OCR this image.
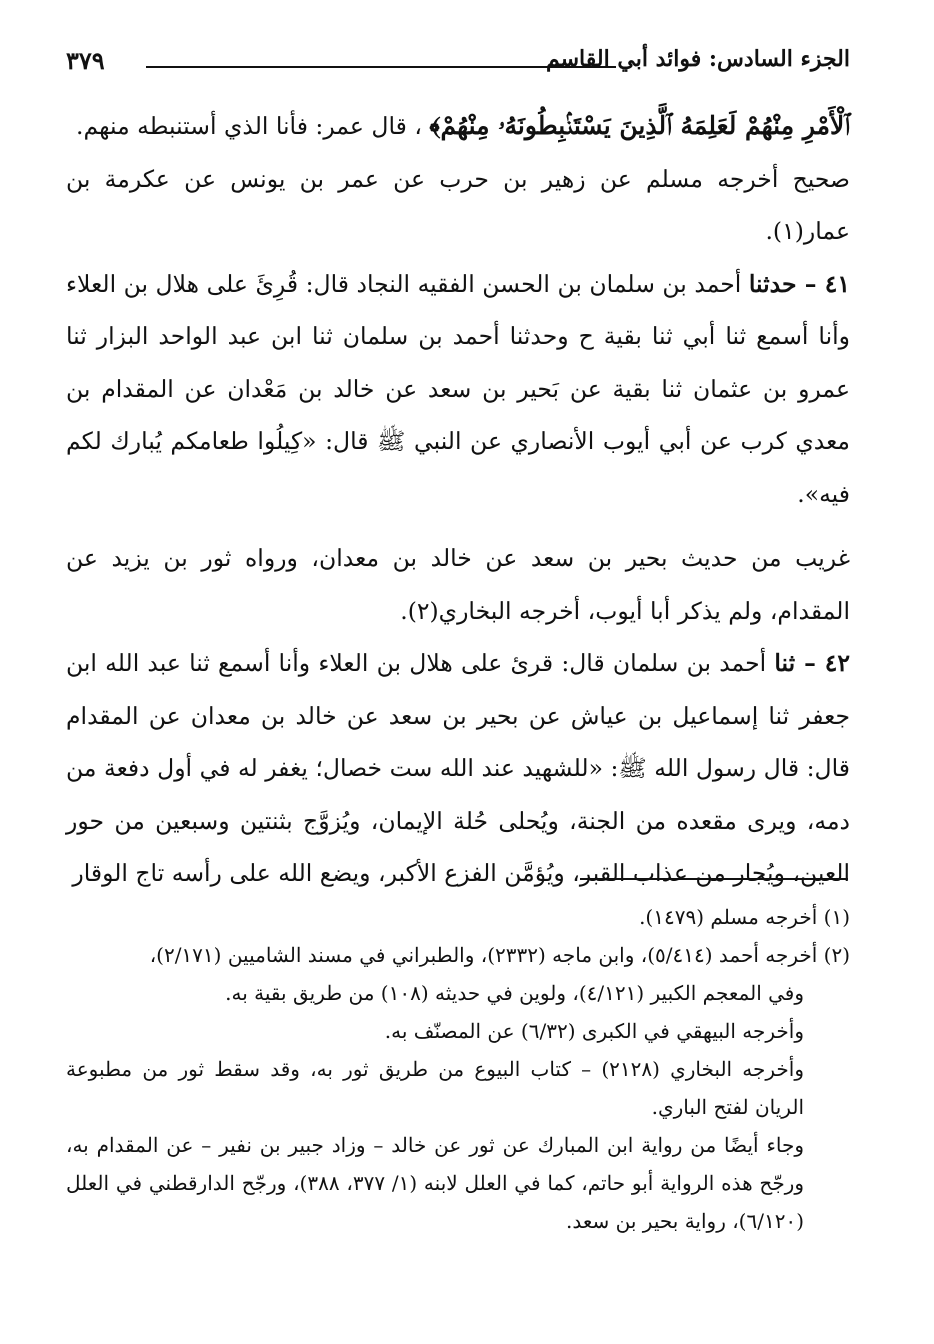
٣٧٩	الجزء السادس: فوائد أبي القاسم

ٱلْأَمْرِ مِنْهُمْ لَعَلِمَهُ ٱلَّذِينَ يَسْتَنۢبِطُونَهُۥ مِنْهُمْ﴾ ، قال عمر: فأنا الذي أستنبطه منهم.

صحيح أخرجه مسلم عن زهير بن حرب عن عمر بن يونس عن عكرمة بن عمار(١).

٤١ – حدثنا أحمد بن سلمان بن الحسن الفقيه النجاد قال: قُرِئَ على هلال بن العلاء وأنا أسمع ثنا أبي ثنا بقية ح وحدثنا أحمد بن سلمان ثنا ابن عبد الواحد البزار ثنا عمرو بن عثمان ثنا بقية عن بَحير بن سعد عن خالد بن مَعْدان عن المقدام بن معدي كرب عن أبي أيوب الأنصاري عن النبي ﷺ قال: «كِيلُوا طعامكم يُبارك لكم فيه».

غريب من حديث بحير بن سعد عن خالد بن معدان، ورواه ثور بن يزيد عن المقدام، ولم يذكر أبا أيوب، أخرجه البخاري(٢).

٤٢ – ثنا أحمد بن سلمان قال: قرئ على هلال بن العلاء وأنا أسمع ثنا عبد الله ابن جعفر ثنا إسماعيل بن عياش عن بحير بن سعد عن خالد بن معدان عن المقدام قال: قال رسول الله ﷺ: «للشهيد عند الله ست خصال؛ يغفر له في أول دفعة من دمه، ويرى مقعده من الجنة، ويُحلى حُلة الإيمان، ويُزوَّج بثنتين وسبعين من حور العين، ويُجار من عذاب القبر، ويُؤمَّن الفزع الأكبر، ويضع الله على رأسه تاج الوقار

(١) أخرجه مسلم (١٤٧٩).

(٢) أخرجه أحمد (٥/٤١٤)، وابن ماجه (٢٣٣٢)، والطبراني في مسند الشاميين (٢/١٧١)،

وفي المعجم الكبير (٤/١٢١)، ولوين في حديثه (١٠٨) من طريق بقية به.

وأخرجه البيهقي في الكبرى (٦/٣٢) عن المصنّف به.

وأخرجه البخاري (٢١٢٨) – كتاب البيوع من طريق ثور به، وقد سقط ثور من مطبوعة الريان لفتح الباري.

وجاء أيضًا من رواية ابن المبارك عن ثور عن خالد – وزاد جبير بن نفير – عن المقدام به، ورجّح هذه الرواية أبو حاتم، كما في العلل لابنه (١/ ٣٧٧، ٣٨٨)، ورجّح الدارقطني في العلل (٦/١٢٠)، رواية بحير بن سعد.
